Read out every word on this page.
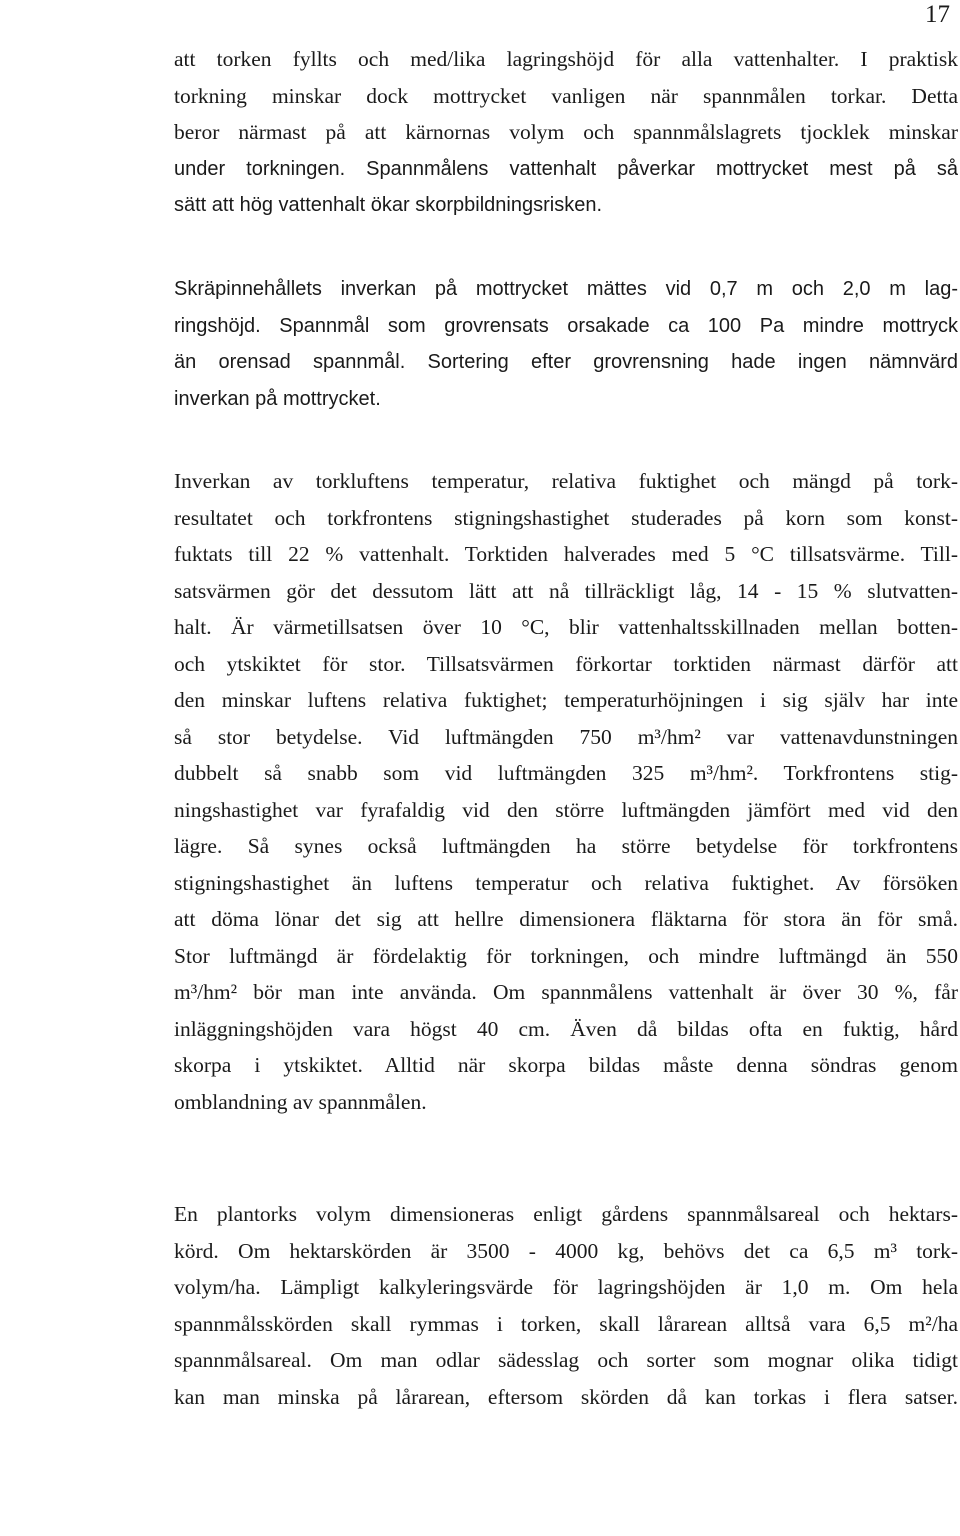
17

att torken fyllts och med/lika lagringshöjd för alla vattenhalter. I praktisk
torkning minskar dock mottrycket vanligen när spannmålen torkar. Detta
beror närmast på att kärnornas volym och spannmålslagrets tjocklek minskar
under torkningen. Spannmålens vattenhalt påverkar mottrycket mest på så
sätt att hög vattenhalt ökar skorpbildningsrisken.

Skräpinnehållets inverkan på mottrycket mättes vid 0,7 m och 2,0 m lag-
ringshöjd. Spannmål som grovrensats orsakade ca 100 Pa mindre mottryck
än orensad spannmål. Sortering efter grovrensning hade ingen nämnvärd
inverkan på mottrycket.

Inverkan av torkluftens temperatur, relativa fuktighet och mängd på tork-
resultatet och torkfrontens stigningshastighet studerades på korn som konst-
fuktats till 22 % vattenhalt. Torktiden halverades med 5 °C tillsatsvärme. Till-
satsvärmen gör det dessutom lätt att nå tillräckligt låg, 14 - 15 % slutvatten-
halt. Är värmetillsatsen över 10 °C, blir vattenhaltsskillnaden mellan botten-
och ytskiktet för stor. Tillsatsvärmen förkortar torktiden närmast därför att
den minskar luftens relativa fuktighet; temperaturhöjningen i sig själv har inte
så stor betydelse. Vid luftmängden 750 m³/hm² var vattenavdunstningen
dubbelt så snabb som vid luftmängden 325 m³/hm². Torkfrontens stig-
ningshastighet var fyrafaldig vid den större luftmängden jämfört med vid den
lägre. Så synes också luftmängden ha större betydelse för torkfrontens
stigningshastighet än luftens temperatur och relativa fuktighet. Av försöken
att döma lönar det sig att hellre dimensionera fläktarna för stora än för små.
Stor luftmängd är fördelaktig för torkningen, och mindre luftmängd än 550
m³/hm² bör man inte använda. Om spannmålens vattenhalt är över 30 %, får
inläggningshöjden vara högst 40 cm. Även då bildas ofta en fuktig, hård
skorpa i ytskiktet. Alltid när skorpa bildas måste denna söndras genom
omblandning av spannmålen.

En plantorks volym dimensioneras enligt gårdens spannmålsareal och hektars-
körd. Om hektarskörden är 3500 - 4000 kg, behövs det ca 6,5 m³ tork-
volym/ha. Lämpligt kalkyleringsvärde för lagringshöjden är 1,0 m. Om hela
spannmålsskörden skall rymmas i torken, skall lårarean alltså vara 6,5 m²/ha
spannmålsareal. Om man odlar sädesslag och sorter som mognar olika tidigt
kan man minska på lårarean, eftersom skörden då kan torkas i flera satser.
